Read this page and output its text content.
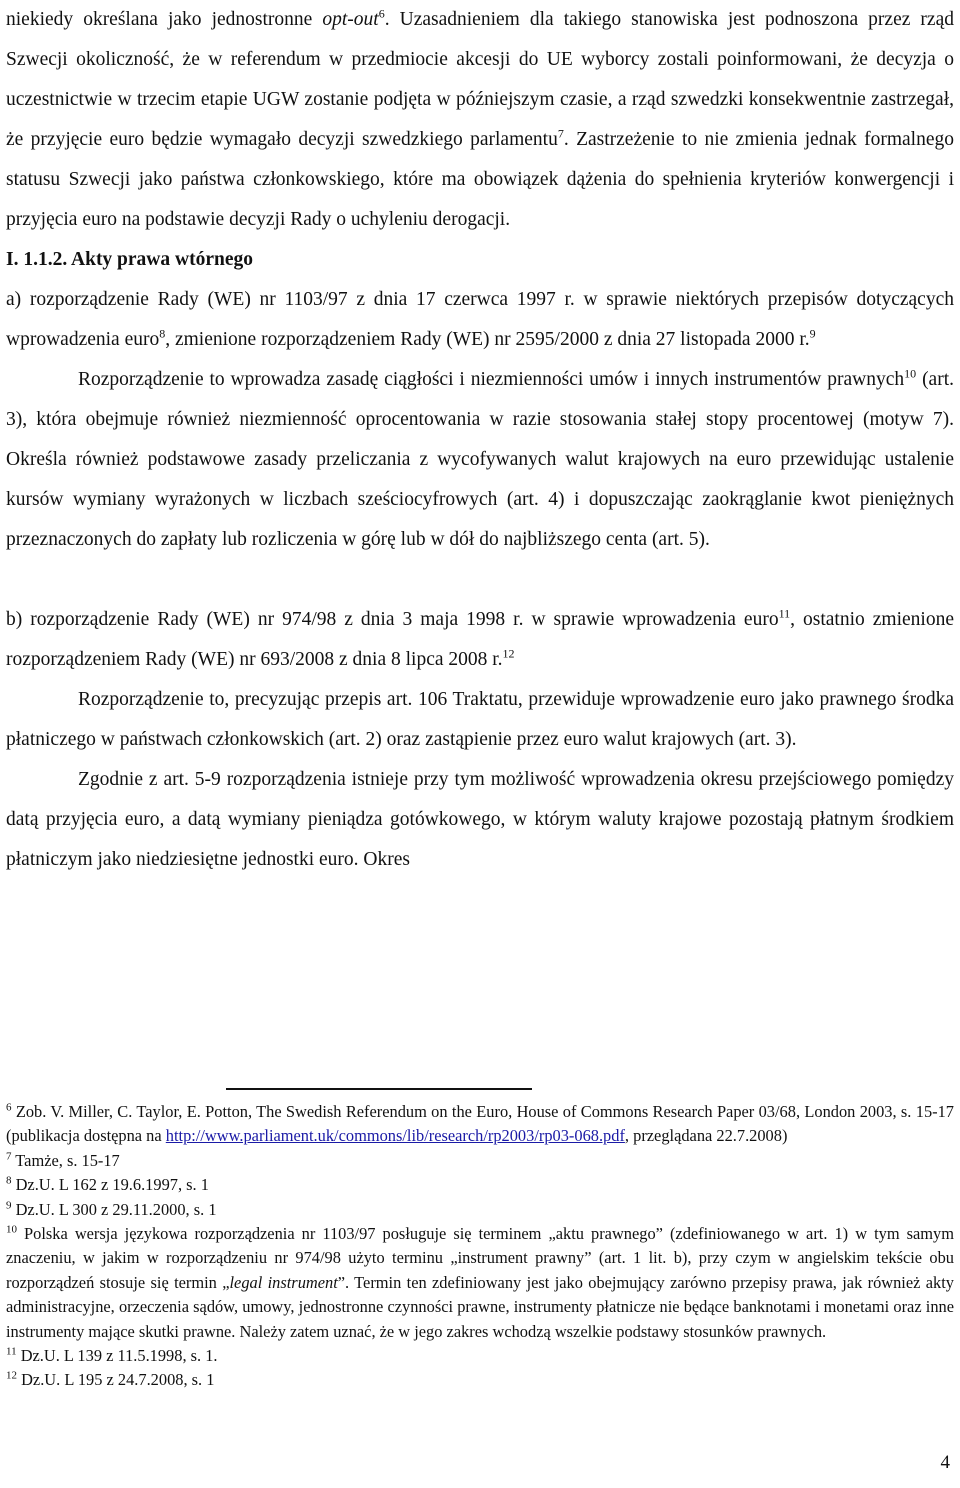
niekiedy określana jako jednostronne opt-out$^6$. Uzasadnieniem dla takiego stanowiska jest podnoszona przez rząd Szwecji okoliczność, że w referendum w przedmiocie akcesji do UE wyborcy zostali poinformowani, że decyzja o uczestnictwie w trzecim etapie UGW zostanie podjęta w późniejszym czasie, a rząd szwedzki konsekwentnie zastrzegał, że przyjęcie euro będzie wymagało decyzji szwedzkiego parlamentu$^7$. Zastrzeżenie to nie zmienia jednak formalnego statusu Szwecji jako państwa członkowskiego, które ma obowiązek dążenia do spełnienia kryteriów konwergencji i przyjęcia euro na podstawie decyzji Rady o uchyleniu derogacji.

I. 1.1.2. Akty prawa wtórnego

a) rozporządzenie Rady (WE) nr 1103/97 z dnia 17 czerwca 1997 r. w sprawie niektórych przepisów dotyczących wprowadzenia euro$^8$, zmienione rozporządzeniem Rady (WE) nr 2595/2000 z dnia 27 listopada 2000 r.$^9$

Rozporządzenie to wprowadza zasadę ciągłości i niezmienności umów i innych instrumentów prawnych$^{10}$ (art. 3), która obejmuje również niezmienność oprocentowania w razie stosowania stałej stopy procentowej (motyw 7). Określa również podstawowe zasady przeliczania z wycofywanych walut krajowych na euro przewidując ustalenie kursów wymiany wyrażonych w liczbach sześciocyfrowych (art. 4) i dopuszczając zaokrąglanie kwot pieniężnych przeznaczonych do zapłaty lub rozliczenia w górę lub w dół do najbliższego centa (art. 5).

b) rozporządzenie Rady (WE) nr 974/98 z dnia 3 maja 1998 r. w sprawie wprowadzenia euro$^{11}$, ostatnio zmienione rozporządzeniem Rady (WE) nr 693/2008 z dnia 8 lipca 2008 r.$^{12}$

Rozporządzenie to, precyzując przepis art. 106 Traktatu, przewiduje wprowadzenie euro jako prawnego środka płatniczego w państwach członkowskich (art. 2) oraz zastąpienie przez euro walut krajowych (art. 3).

Zgodnie z art. 5-9 rozporządzenia istnieje przy tym możliwość wprowadzenia okresu przejściowego pomiędzy datą przyjęcia euro, a datą wymiany pieniądza gotówkowego, w którym waluty krajowe pozostają płatnym środkiem płatniczym jako niedziesiętne jednostki euro. Okres

$^6$ Zob. V. Miller, C. Taylor, E. Potton, The Swedish Referendum on the Euro, House of Commons Research Paper 03/68, London 2003, s. 15-17 (publikacja dostępna na http://www.parliament.uk/commons/lib/research/rp2003/rp03-068.pdf, przeglądana 22.7.2008)

$^7$ Tamże, s. 15-17

$^8$ Dz.U. L 162 z 19.6.1997, s. 1

$^9$ Dz.U. L 300 z 29.11.2000, s. 1

$^{10}$ Polska wersja językowa rozporządzenia nr 1103/97 posługuje się terminem „aktu prawnego” (zdefiniowanego w art. 1) w tym samym znaczeniu, w jakim w rozporządzeniu nr 974/98 użyto terminu „instrument prawny” (art. 1 lit. b), przy czym w angielskim tekście obu rozporządzeń stosuje się termin „legal instrument”. Termin ten zdefiniowany jest jako obejmujący zarówno przepisy prawa, jak również akty administracyjne, orzeczenia sądów, umowy, jednostronne czynności prawne, instrumenty płatnicze nie będące banknotami i monetami oraz inne instrumenty mające skutki prawne. Należy zatem uznać, że w jego zakres wchodzą wszelkie podstawy stosunków prawnych.

$^{11}$ Dz.U. L 139 z 11.5.1998, s. 1.

$^{12}$ Dz.U. L 195 z 24.7.2008, s. 1

4
